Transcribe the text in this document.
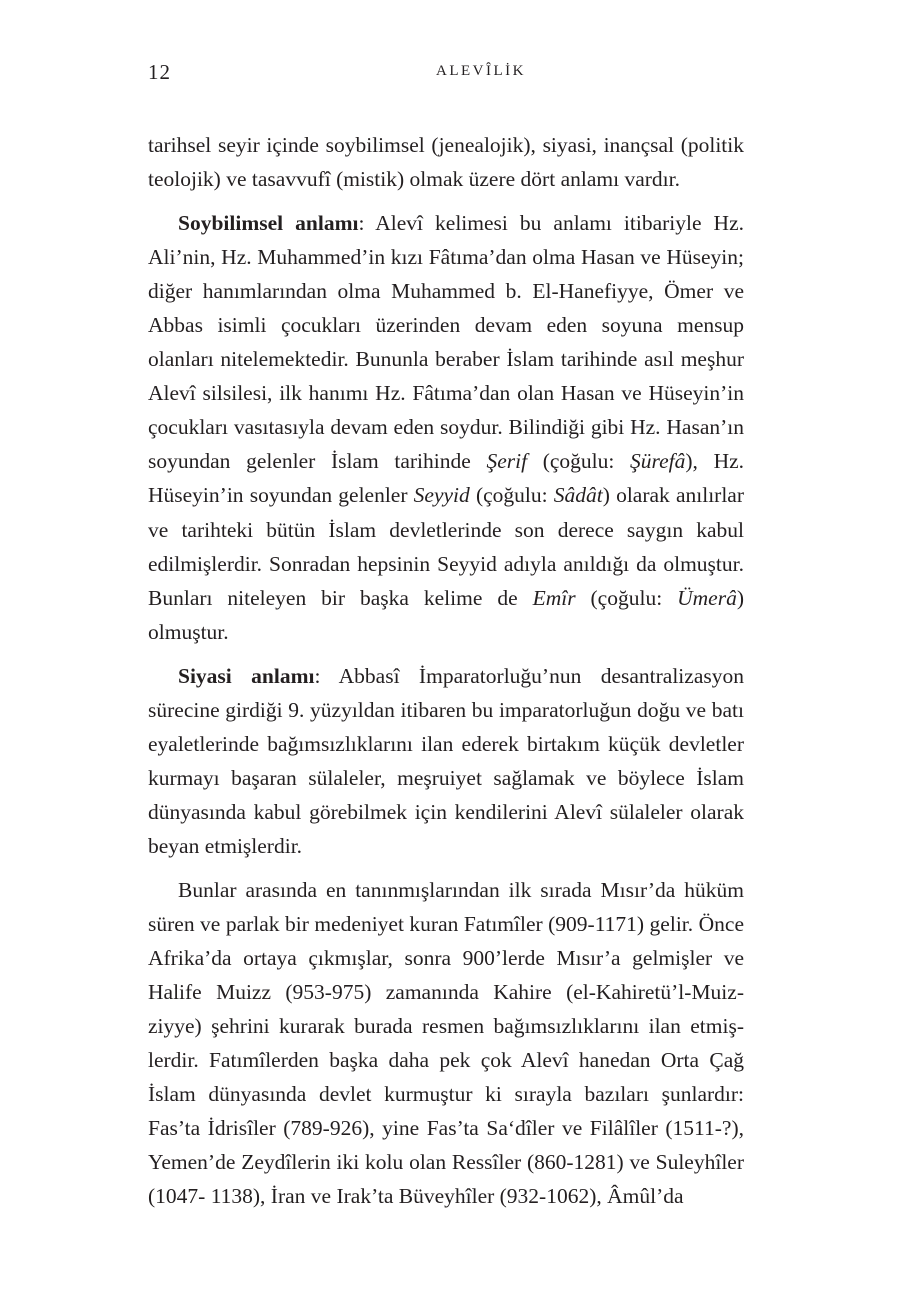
12	ALEVÎLİK

tarihsel seyir içinde soybilimsel (jenealojik), siyasi, inançsal (politik teolojik) ve tasavvufî (mistik) olmak üzere dört anlamı vardır.

Soybilimsel anlamı: Alevî kelimesi bu anlamı itibariyle Hz. Ali’nin, Hz. Muhammed’in kızı Fâtıma’dan olma Hasan ve Hüseyin; diğer hanımlarından olma Muhammed b. El-Hanefiyye, Ömer ve Abbas isimli çocukları üzerinden devam eden soyuna mensup olanları nitelemektedir. Bununla beraber İslam tarihinde asıl meşhur Alevî silsilesi, ilk hanımı Hz. Fâtıma’dan olan Hasan ve Hüseyin’in çocukları vasıtasıyla devam eden soydur. Bilindiği gibi Hz. Hasan’ın soyundan gelenler İslam tarihinde Şerif (çoğulu: Şürefâ), Hz. Hüseyin’in soyundan gelenler Seyyid (çoğulu: Sâdât) olarak anılırlar ve tarihteki bütün İslam devletlerinde son derece saygın kabul edilmişlerdir. Sonradan hepsinin Seyyid adıyla anıldığı da olmuştur. Bunları niteleyen bir başka kelime de Emîr (çoğulu: Ümerâ) olmuştur.

Siyasi anlamı: Abbasî İmparatorluğu’nun desantralizasyon sürecine girdiği 9. yüzyıldan itibaren bu imparatorluğun doğu ve batı eyaletlerinde bağımsızlıklarını ilan ederek birtakım küçük devletler kurmayı başaran sülaleler, meşruiyet sağlamak ve böylece İslam dünyasında kabul görebilmek için kendilerini Alevî sülaleler olarak beyan etmişlerdir.

Bunlar arasında en tanınmışlarından ilk sırada Mısır’da hüküm süren ve parlak bir medeniyet kuran Fatımîler (909-1171) gelir. Önce Afrika’da ortaya çıkmışlar, sonra 900’lerde Mısır’a gelmişler ve Halife Muizz (953-975) zamanında Kahire (el-Kahiretü’l-Muizziyye) şehrini kurarak burada resmen bağımsızlıklarını ilan etmişlerdir. Fatımîlerden başka daha pek çok Alevî hanedan Orta Çağ İslam dünyasında devlet kurmuştur ki sırayla bazıları şunlardır: Fas’ta İdrisîler (789-926), yine Fas’ta Sa‘dîler ve Filâlîler (1511-?), Yemen’de Zeydîlerin iki kolu olan Ressîler (860-1281) ve Suleyhîler (1047- 1138), İran ve Irak’ta Büveyhîler (932-1062), Âmûl’da
